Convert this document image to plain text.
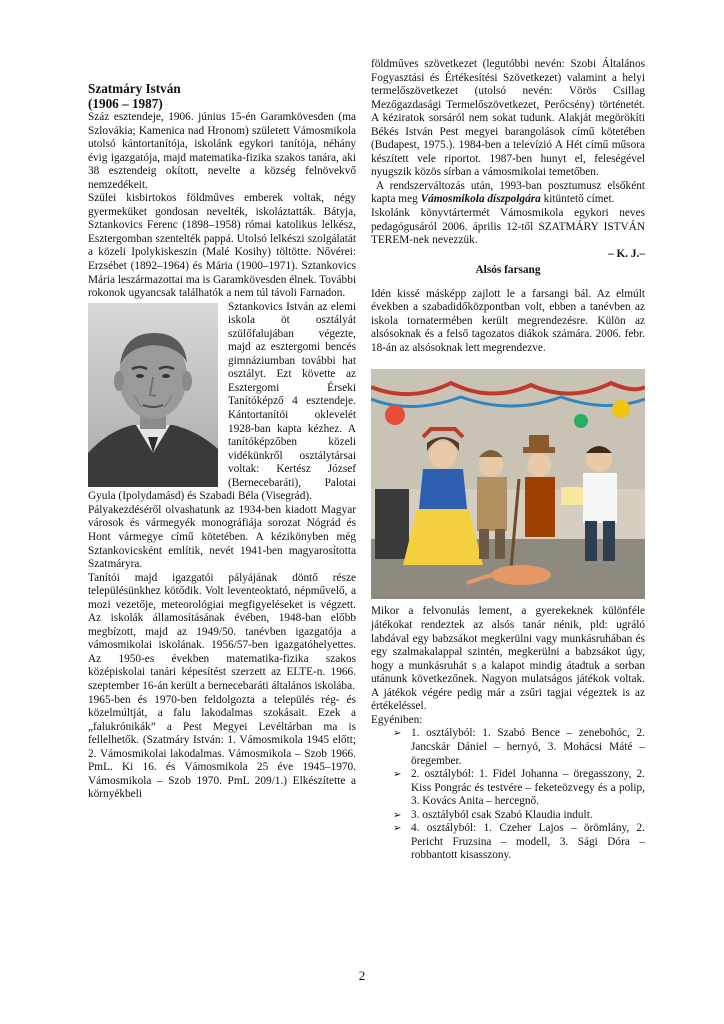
Szatmáry István

(1906 – 1987)

Száz esztendeje, 1906. június 15-én Garamkövesden (ma Szlovákia; Kamenica nad Hronom) született Vámosmikola utolsó kántortanítója, iskolánk egykori tanítója, néhány évig igazgatója, majd matematika-fizika szakos tanára, aki 38 esztendeig okított, nevelte a község felnövekvő nemzedékeit.

Szülei kisbirtokos földműves emberek voltak, négy gyermeküket gondosan nevelték, iskoláztatták. Bátyja, Sztankovics Ferenc (1898–1958) római katolikus lelkész, Esztergomban szentelték pappá. Utolsó lelkészi szolgálatát a közeli Ipolykiskeszin (Malé Kosihy) töltötte. Nővérei: Erzsébet (1892–1964) és Mária (1900–1971). Sztankovics Mária leszármazottai ma is Garamkövesden élnek. További rokonok ugyancsak találhatók a nem túl távoli Farnadon.

Sztankovics István az elemi iskola öt osztályát szülőfalujában végezte, majd az esztergomi bencés gimnáziumban további hat osztályt. Ezt követte az Esztergomi Érseki Tanítóképző 4 esztendeje. Kántortanítói oklevelét 1928-ban kapta kézhez. A tanítóképzőben közeli vidékünkről osztálytársai voltak: Kertész József (Bernecebaráti), Palotai Gyula (Ipolydamásd) és Szabadi Béla (Visegrád).

Pályakezdéséről olvashatunk az 1934-ben kiadott Magyar városok és vármegyék monográfiája sorozat Nógrád és Hont vármegye című kötetében. A kézikönyben még Sztankovicsként említik, nevét 1941-ben magyarosította Szatmáryra.

Tanítói majd igazgatói pályájának döntő része településünkhez kötődik. Volt leventeoktató, népművelő, a mozi vezetője, meteorológiai megfigyeléseket is végzett. Az iskolák államosításának évében, 1948-ban előbb megbízott, majd az 1949/50. tanévben igazgatója a vámosmikolai iskolának. 1956/57-ben igazgatóhelyettes. Az 1950-es években matematika-fizika szakos középiskolai tanári képesítést szerzett az ELTE-n. 1966. szeptember 16-án került a bernecebaráti általános iskolába.

1965-ben és 1970-ben feldolgozta a település rég- és közelmúltját, a falu lakodalmas szokásait. Ezek a „falukrónikák” a Pest Megyei Levéltárban ma is fellelhetők. (Szatmáry István: 1. Vámosmikola 1945 előtt; 2. Vámosmikolai lakodalmas. Vámosmikola – Szob 1966. PmL. Ki 16. és Vámosmikola 25 éve 1945–1970. Vámosmikola – Szob 1970. PmL 209/1.) Elkészítette a környékbeli

földműves szövetkezet (legutóbbi nevén: Szobi Általános Fogyasztási és Értékesítési Szövetkezet) valamint a helyi termelőszövetkezet (utolsó nevén: Vörös Csillag Mezőgazdasági Termelőszövetkezet, Perőcsény) történetét. A kéziratok sorsáról nem sokat tudunk. Alakját megörökíti Békés István Pest megyei barangolások című kötetében (Budapest, 1975.). 1984-ben a televízió A Hét című műsora készített vele riportot. 1987-ben hunyt el, feleségével nyugszik közös sírban a vámosmikolai temetőben.

A rendszerváltozás után, 1993-ban posztumusz elsőként kapta meg Vámosmikola díszpolgára kitüntető címet.

Iskolánk könyvtártermét Vámosmikola egykori neves pedagógusáról 2006. április 12-től SZATMÁRY ISTVÁN TEREM-nek nevezzük.

– K. J.–

Alsós farsang

Idén kissé másképp zajlott le a farsangi bál. Az elmúlt években a szabadidőközpontban volt, ebben a tanévben az iskola tornatermében került megrendezésre. Külön az alsósoknak és a felső tagozatos diákok számára. 2006. febr. 18-án az alsósoknak lett megrendezve.

Mikor a felvonulás lement, a gyerekeknek különféle játékokat rendeztek az alsós tanár nénik, pld: ugráló labdával egy babzsákot megkerülni vagy munkásruhában és egy szalmakalappal szintén, megkerülni a babzsákot úgy, hogy a munkásruhát s a kalapot mindig átadtuk a sorban utánunk következőnek. Nagyon mulatságos játékok voltak. A játékok végére pedig már a zsűri tagjai végeztek is az értékeléssel.

Egyéniben:

➢ 1. osztályból: 1. Szabó Bence – zenebohóc, 2. Jancskár Dániel – hernyó, 3. Mohácsi Máté – öregember.
➢ 2. osztályból: 1. Fidel Johanna – öregasszony, 2. Kiss Pongrác és testvére – feketeözvegy és a polip, 3. Kovács Anita – hercegnő.
➢ 3. osztályból csak Szabó Klaudia indult.
➢ 4. osztályból: 1. Czeher Lajos – örömlány, 2. Pericht Fruzsina – modell, 3. Sági Dóra – robbantott kisasszony.
2
